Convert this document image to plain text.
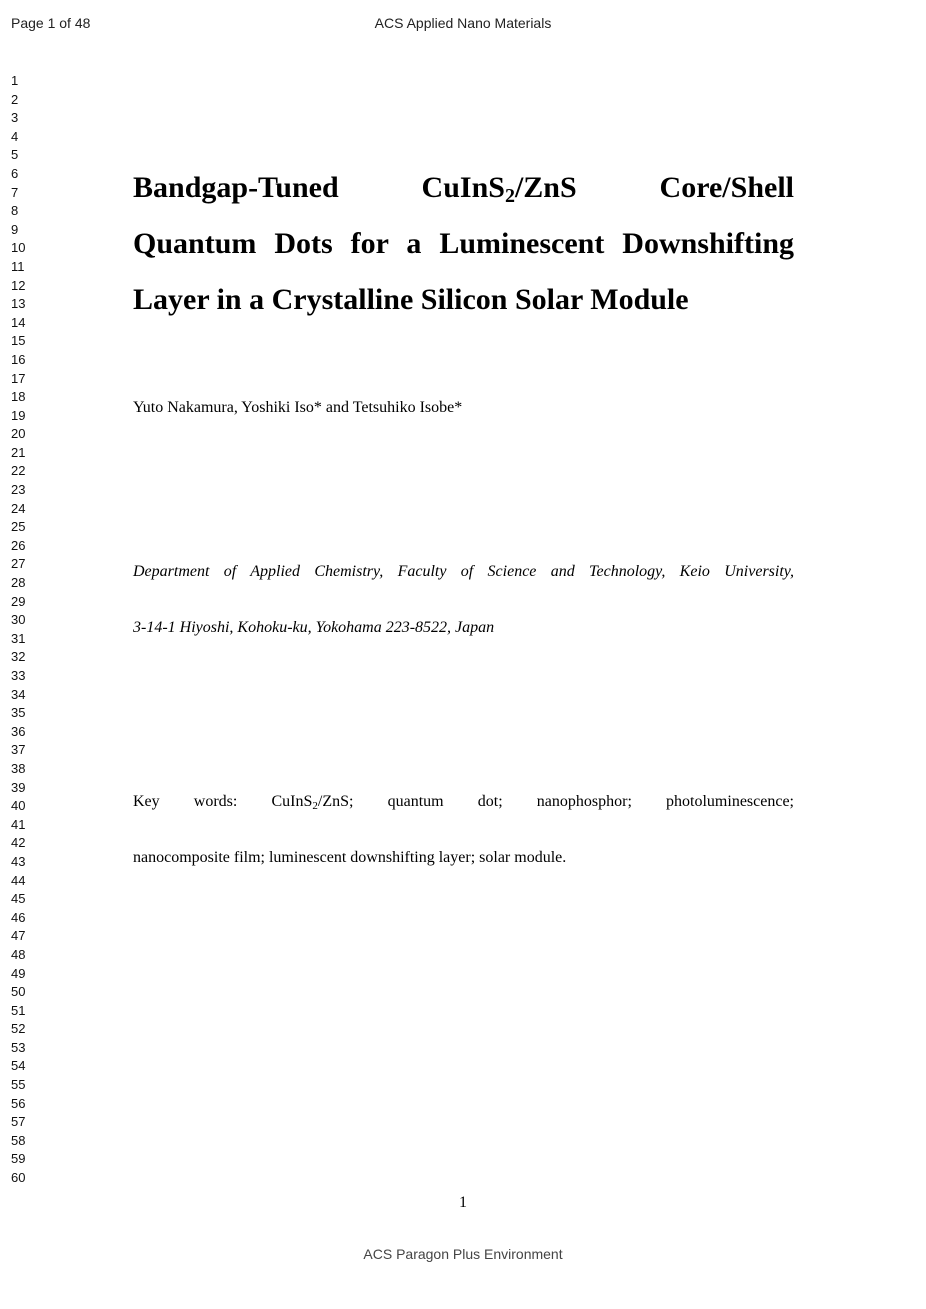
Page 1 of 48	ACS Applied Nano Materials
1
2
3
4
5
6
7
8
9
10
11
12
13
14
15
16
17
18
19
20
21
22
23
24
25
26
27
28
29
30
31
32
33
34
35
36
37
38
39
40
41
42
43
44
45
46
47
48
49
50
51
52
53
54
55
56
57
58
59
60
Bandgap-Tuned CuInS$_2$/ZnS Core/Shell
Quantum Dots for a Luminescent Downshifting
Layer in a Crystalline Silicon Solar Module
Yuto Nakamura, Yoshiki Iso* and Tetsuhiko Isobe*
Department of Applied Chemistry, Faculty of Science and Technology, Keio University,
3-14-1 Hiyoshi, Kohoku-ku, Yokohama 223-8522, Japan
Key words: CuInS$_2$/ZnS; quantum dot; nanophosphor; photoluminescence;
nanocomposite film; luminescent downshifting layer; solar module.
1
ACS Paragon Plus Environment
